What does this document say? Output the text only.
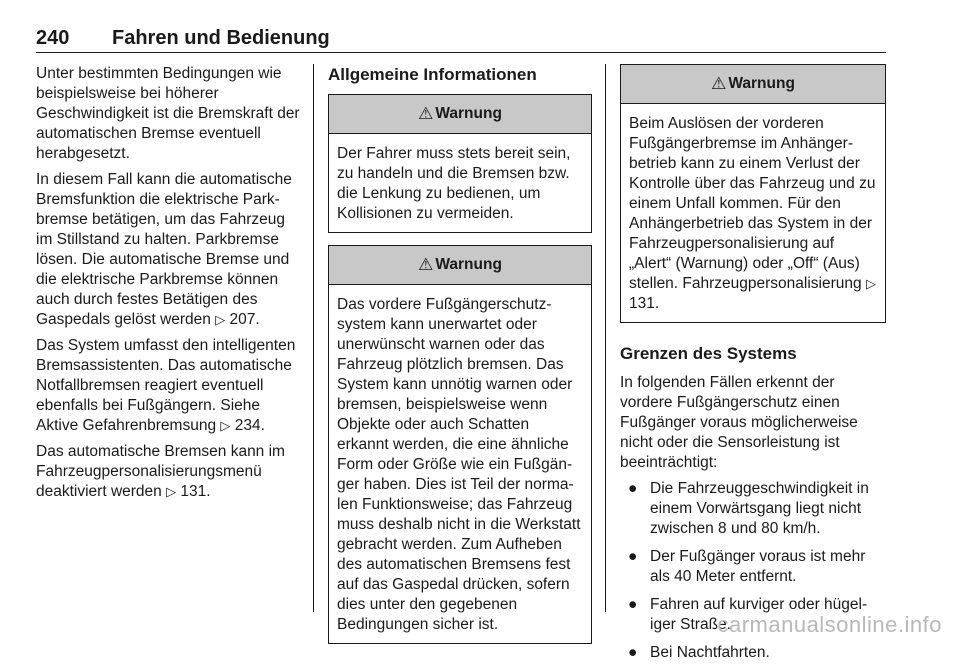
240 Fahren und Bedienung

Unter bestimmten Bedingungen wie beispielsweise bei höherer Geschwindigkeit ist die Bremskraft der automatischen Bremse eventuell herabgesetzt.

In diesem Fall kann die automatische Bremsfunktion die elektrische Parkbremse betätigen, um das Fahrzeug im Stillstand zu halten. Parkbremse lösen. Die automatische Bremse und die elektrische Parkbremse können auch durch festes Betätigen des Gaspedals gelöst werden ▷ 207.

Das System umfasst den intelligenten Bremsassistenten. Das automatische Notfallbremsen reagiert eventuell ebenfalls bei Fußgängern. Siehe Aktive Gefahrenbremsung ▷ 234.

Das automatische Bremsen kann im Fahrzeugpersonalisierungsmenü deaktiviert werden ▷ 131.

Allgemeine Informationen
⚠ Warnung
Der Fahrer muss stets bereit sein, zu handeln und die Bremsen bzw. die Lenkung zu bedienen, um Kollisionen zu vermeiden.
⚠ Warnung
Das vordere Fußgängerschutzsystem kann unerwartet oder unerwünscht warnen oder das Fahrzeug plötzlich bremsen. Das System kann unnötig warnen oder bremsen, beispielsweise wenn Objekte oder auch Schatten erkannt werden, die eine ähnliche Form oder Größe wie ein Fußgänger haben. Dies ist Teil der normalen Funktionsweise; das Fahrzeug muss deshalb nicht in die Werkstatt gebracht werden. Zum Aufheben des automatischen Bremsens fest auf das Gaspedal drücken, sofern dies unter den gegebenen Bedingungen sicher ist.
⚠ Warnung
Beim Auslösen der vorderen Fußgängerbremse im Anhängerbetrieb kann zu einem Verlust der Kontrolle über das Fahrzeug und zu einem Unfall kommen. Für den Anhängerbetrieb das System in der Fahrzeugpersonalisierung auf „Alert“ (Warnung) oder „Off“ (Aus) stellen. Fahrzeugpersonalisierung ▷ 131.
Grenzen des Systems

In folgenden Fällen erkennt der vordere Fußgängerschutz einen Fußgänger voraus möglicherweise nicht oder die Sensorleistung ist beeinträchtigt:

● Die Fahrzeuggeschwindigkeit in einem Vorwärtsgang liegt nicht zwischen 8 und 80 km/h.
● Der Fußgänger voraus ist mehr als 40 Meter entfernt.
● Fahren auf kurviger oder hügeliger Straße.
● Bei Nachtfahrten.
carmanualsonline.info
